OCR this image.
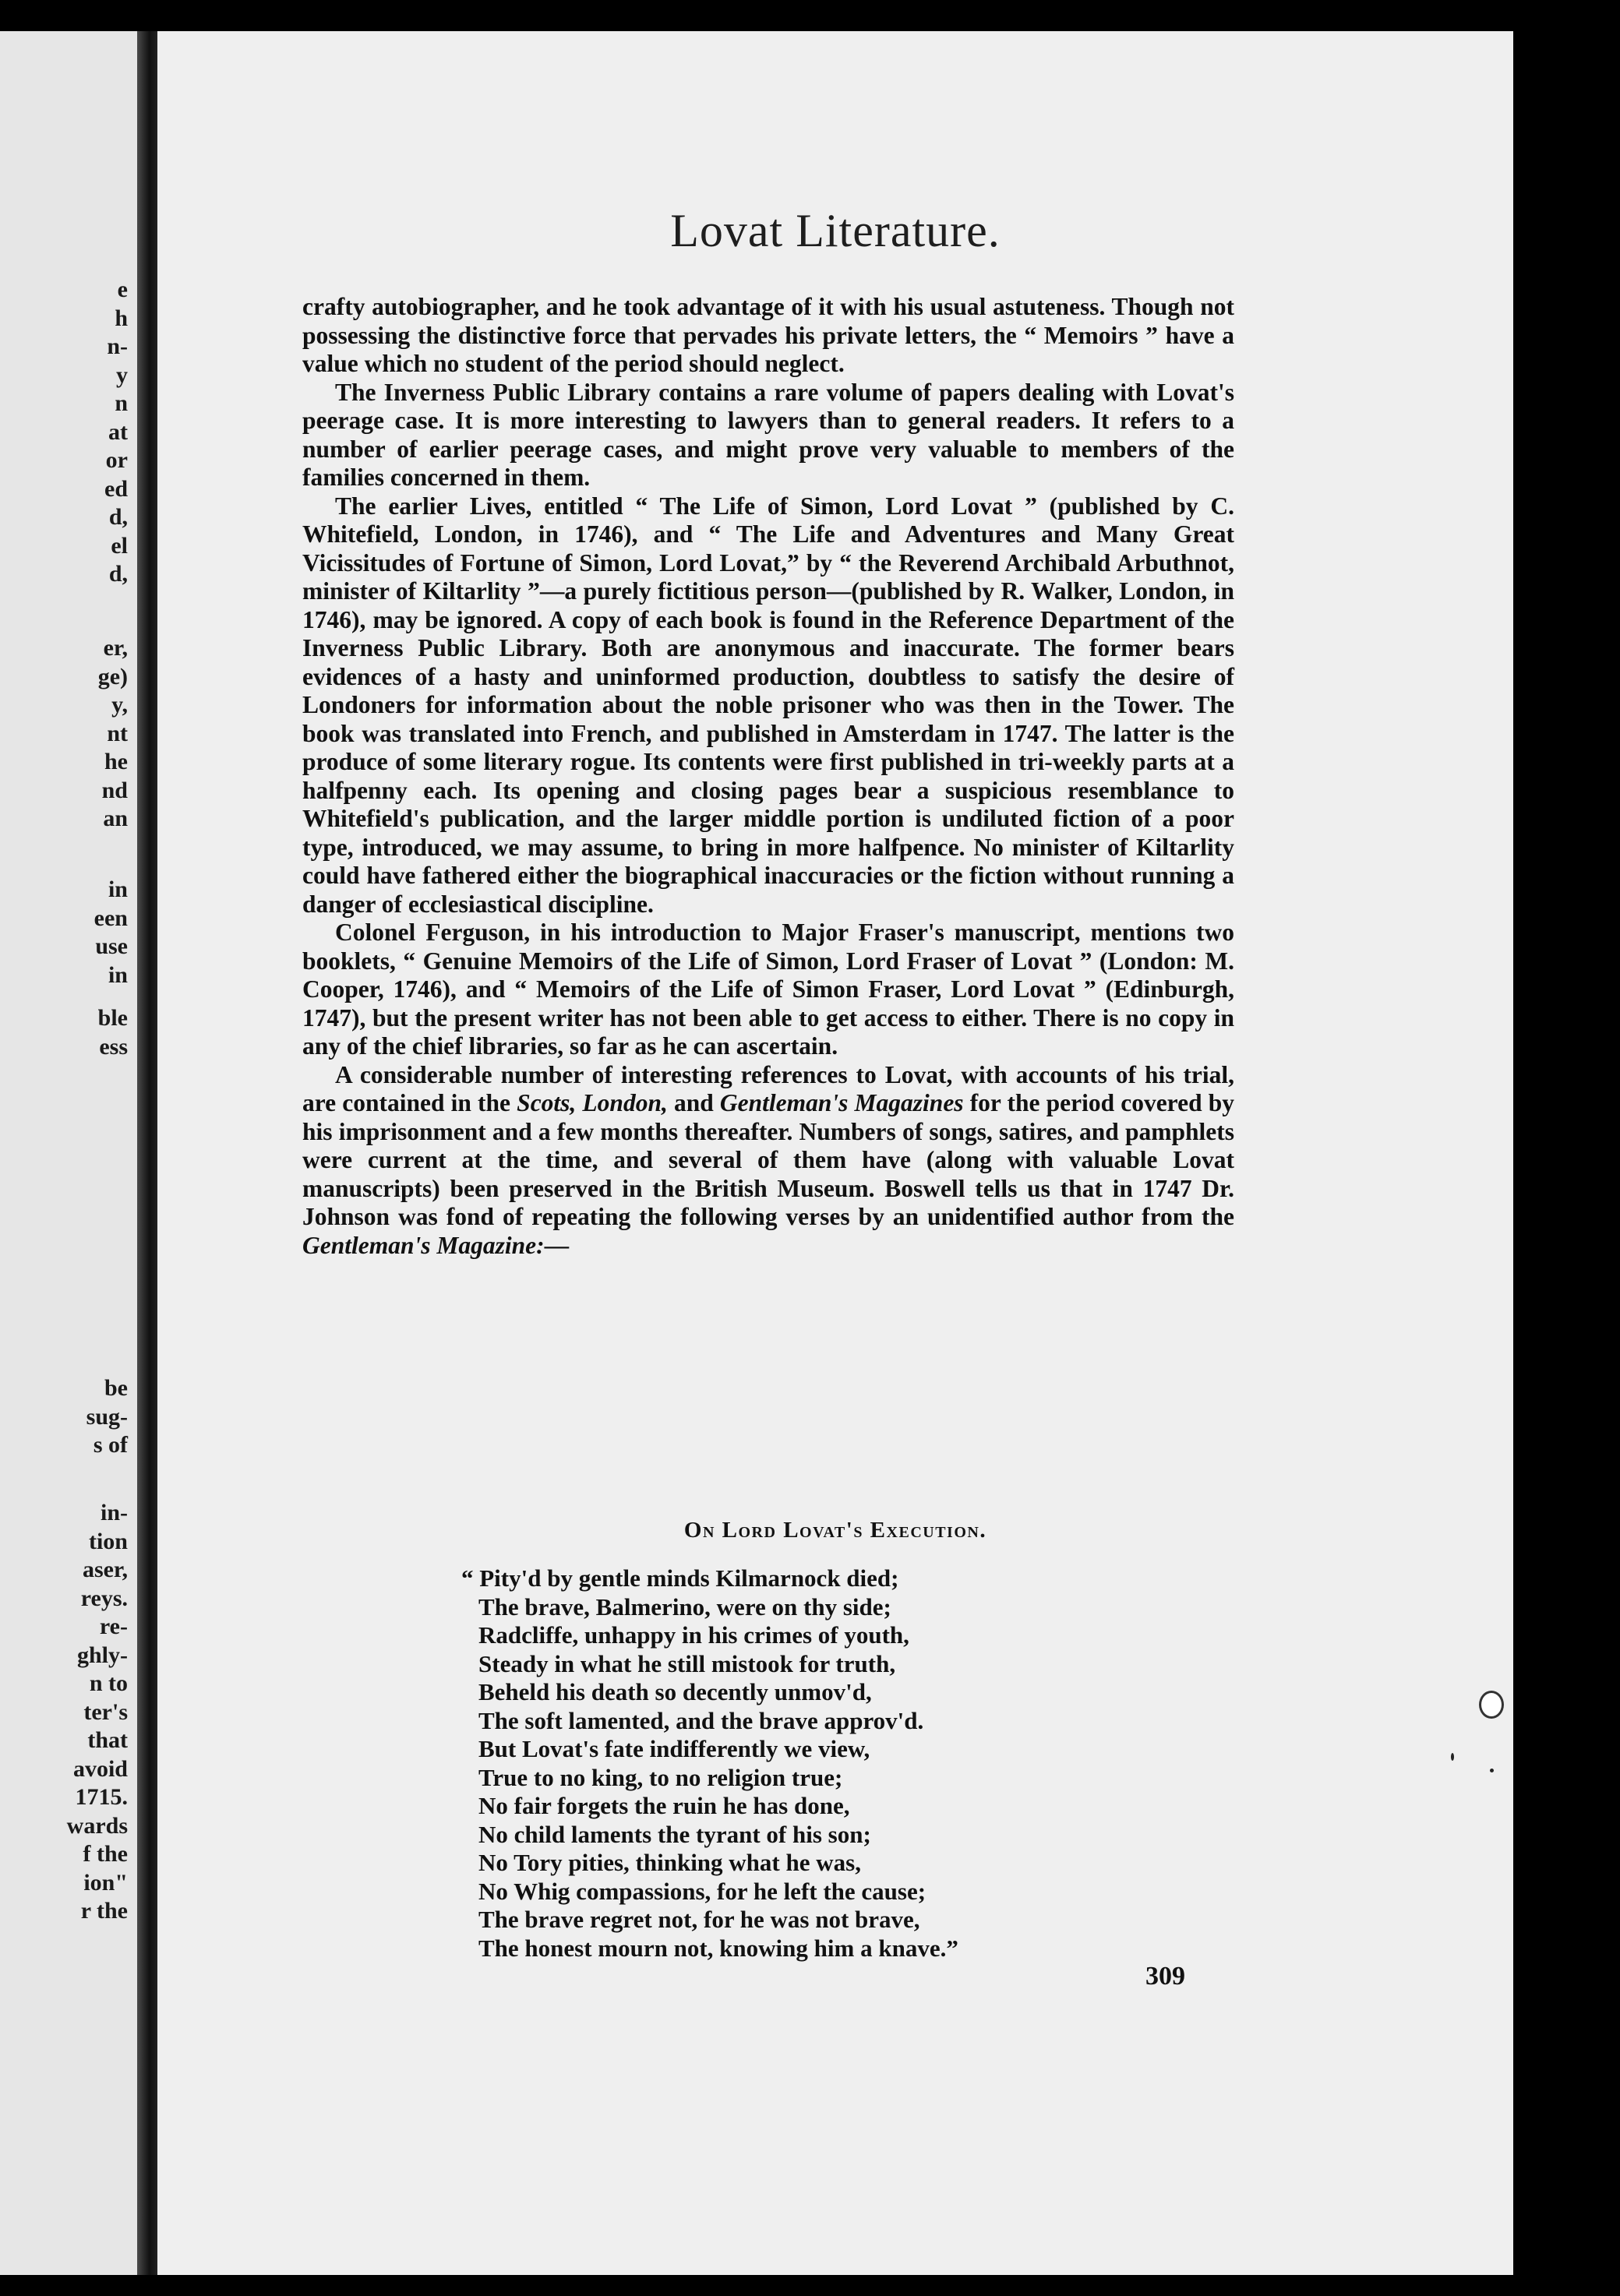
e
h
n-
y
n
at
or
ed
d,
el
d,
er,
ge)
y,
nt
he
nd
an
in
een
use
in
ble
ess
be
sug-
s of
in-
tion
aser,
reys.
re-
ghly-
n to
ter's
that
avoid
1715.
wards
f the
ion"
r the
Lovat Literature.

crafty autobiographer, and he took advantage of it with his usual astuteness. Though not possessing the distinctive force that pervades his private letters, the “ Memoirs ” have a value which no student of the period should neglect.

The Inverness Public Library contains a rare volume of papers dealing with Lovat's peerage case. It is more interesting to lawyers than to general readers. It refers to a number of earlier peerage cases, and might prove very valuable to members of the families concerned in them.

The earlier Lives, entitled “ The Life of Simon, Lord Lovat ” (published by C. Whitefield, London, in 1746), and “ The Life and Adventures and Many Great Vicissitudes of Fortune of Simon, Lord Lovat,” by “ the Reverend Archibald Arbuthnot, minister of Kiltarlity ”—a purely fictitious person—(published by R. Walker, London, in 1746), may be ignored. A copy of each book is found in the Reference Department of the Inverness Public Library. Both are anonymous and inaccurate. The former bears evidences of a hasty and uninformed production, doubtless to satisfy the desire of Londoners for information about the noble prisoner who was then in the Tower. The book was translated into French, and published in Amsterdam in 1747. The latter is the produce of some literary rogue. Its contents were first published in tri-weekly parts at a halfpenny each. Its opening and closing pages bear a suspicious resemblance to Whitefield's publication, and the larger middle portion is undiluted fiction of a poor type, introduced, we may assume, to bring in more halfpence. No minister of Kiltarlity could have fathered either the biographical inaccuracies or the fiction without running a danger of ecclesiastical discipline.

Colonel Ferguson, in his introduction to Major Fraser's manuscript, mentions two booklets, “ Genuine Memoirs of the Life of Simon, Lord Fraser of Lovat ” (London: M. Cooper, 1746), and “ Memoirs of the Life of Simon Fraser, Lord Lovat ” (Edinburgh, 1747), but the present writer has not been able to get access to either. There is no copy in any of the chief libraries, so far as he can ascertain.

A considerable number of interesting references to Lovat, with accounts of his trial, are contained in the Scots, London, and Gentleman's Magazines for the period covered by his imprisonment and a few months thereafter. Numbers of songs, satires, and pamphlets were current at the time, and several of them have (along with valuable Lovat manuscripts) been preserved in the British Museum. Boswell tells us that in 1747 Dr. Johnson was fond of repeating the following verses by an unidentified author from the Gentleman's Magazine:—

On Lord Lovat's Execution.
“ Pity'd by gentle minds Kilmarnock died;
The brave, Balmerino, were on thy side;
Radcliffe, unhappy in his crimes of youth,
Steady in what he still mistook for truth,
Beheld his death so decently unmov'd,
The soft lamented, and the brave approv'd.
But Lovat's fate indifferently we view,
True to no king, to no religion true;
No fair forgets the ruin he has done,
No child laments the tyrant of his son;
No Tory pities, thinking what he was,
No Whig compassions, for he left the cause;
The brave regret not, for he was not brave,
The honest mourn not, knowing him a knave.”
309
